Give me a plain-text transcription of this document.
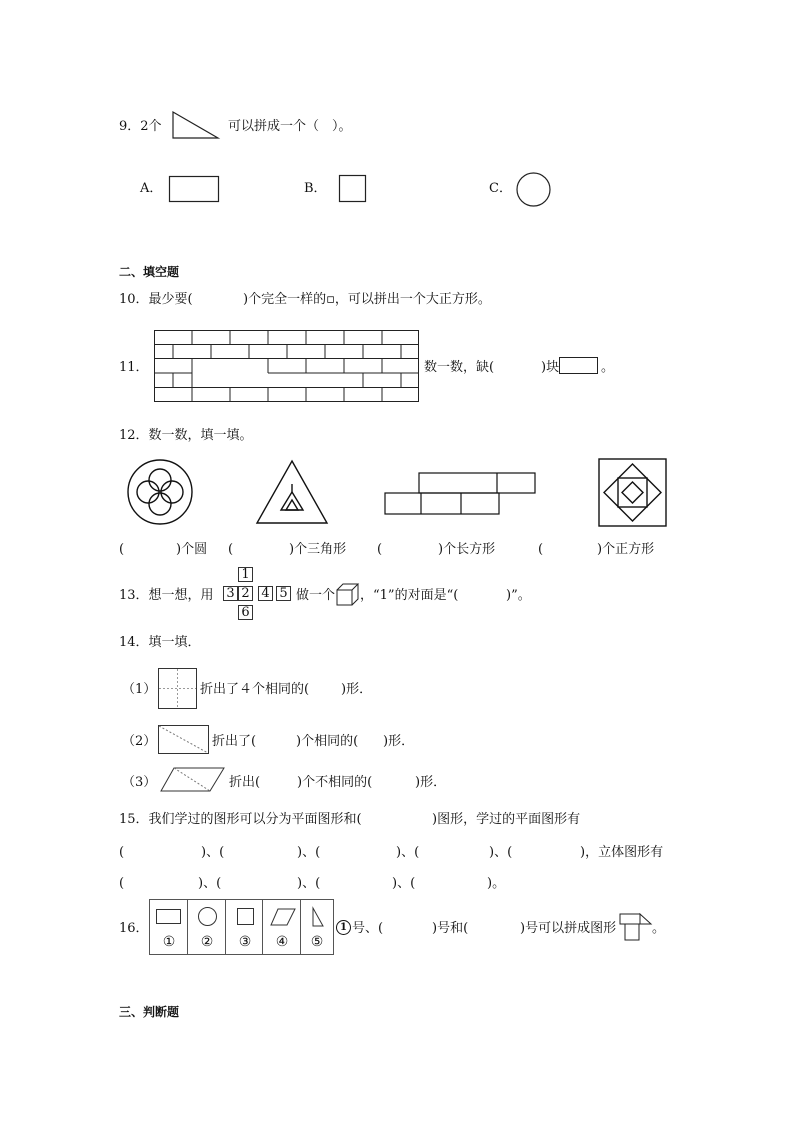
9．2个	可以拼成一个（　）。
A．	B．	C．
二、填空题
10．最少要(	)个完全一样的▫，可以拼出一个大正方形。
11．	数一数，缺(	)块	。
12．数一数，填一填。
(	)个圆 (	)个三角形 (	)个长方形	(	)个正方形
13．想一想，用
1
3 2 4 5
6
做一个 ，“1”的对面是“(	)”。
14．填一填．
（1）	折出了４个相同的( )形．
（2）	折出了(	)个相同的( )形．
（3）	折出(	)个不相同的(	)形．
15．我们学过的图形可以分为平面图形和(	)图形，学过的平面图形有
(	)、(	)、(	)、(	)、(	)，立体图形有
(	)、(	)、(	)、(	)。
16．
①	②	③	④	⑤
1 号、(	)号和(	)号可以拼成图形	。
三、判断题
